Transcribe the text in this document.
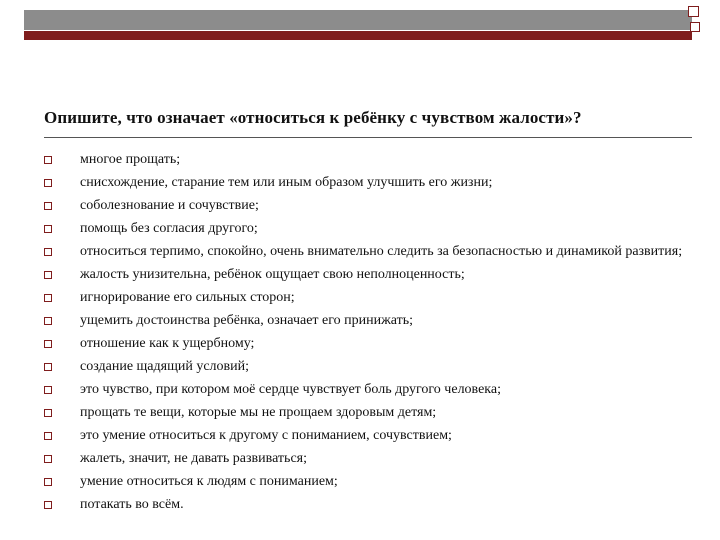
Опишите, что означает «относиться к ребёнку с чувством жалости»?
многое прощать;
снисхождение, старание тем или иным образом улучшить его жизни;
соболезнование и сочувствие;
помощь без согласия другого;
относиться терпимо, спокойно, очень внимательно следить за безопасностью и динамикой развития;
жалость унизительна, ребёнок ощущает свою неполноценность;
игнорирование его сильных сторон;
ущемить достоинства ребёнка, означает его принижать;
отношение как к ущербному;
создание щадящий условий;
это чувство, при котором моё сердце чувствует боль другого человека;
прощать те вещи, которые мы не прощаем здоровым детям;
это умение относиться к другому с пониманием, сочувствием;
жалеть, значит, не давать развиваться;
умение относиться к людям с пониманием;
потакать во всём.
